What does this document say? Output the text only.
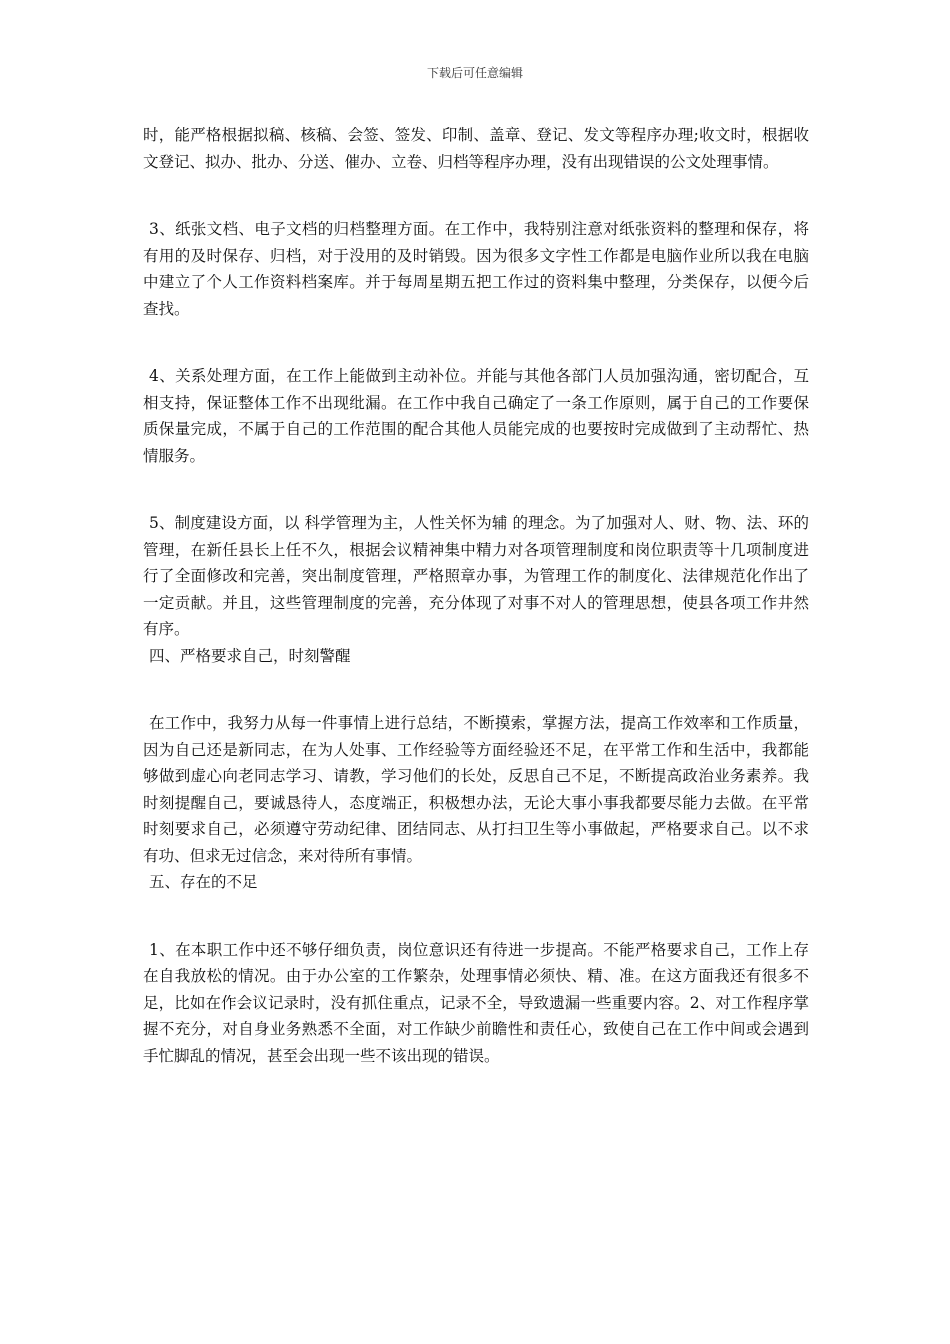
下载后可任意编辑

时，能严格根据拟稿、核稿、会签、签发、印制、盖章、登记、发文等程序办理;收文时，根据收文登记、拟办、批办、分送、催办、立卷、归档等程序办理，没有出现错误的公文处理事情。

3、纸张文档、电子文档的归档整理方面。在工作中，我特别注意对纸张资料的整理和保存，将有用的及时保存、归档，对于没用的及时销毁。因为很多文字性工作都是电脑作业所以我在电脑中建立了个人工作资料档案库。并于每周星期五把工作过的资料集中整理，分类保存，以便今后查找。

4、关系处理方面，在工作上能做到主动补位。并能与其他各部门人员加强沟通，密切配合，互相支持，保证整体工作不出现纰漏。在工作中我自己确定了一条工作原则，属于自己的工作要保质保量完成，不属于自己的工作范围的配合其他人员能完成的也要按时完成做到了主动帮忙、热情服务。

5、制度建设方面，以 科学管理为主，人性关怀为辅 的理念。为了加强对人、财、物、法、环的管理，在新任县长上任不久，根据会议精神集中精力对各项管理制度和岗位职责等十几项制度进行了全面修改和完善，突出制度管理，严格照章办事，为管理工作的制度化、法律规范化作出了一定贡献。并且，这些管理制度的完善，充分体现了对事不对人的管理思想，使县各项工作井然有序。

四、严格要求自己，时刻警醒

在工作中，我努力从每一件事情上进行总结，不断摸索，掌握方法，提高工作效率和工作质量，因为自己还是新同志，在为人处事、工作经验等方面经验还不足，在平常工作和生活中，我都能够做到虚心向老同志学习、请教，学习他们的长处，反思自己不足，不断提高政治业务素养。我时刻提醒自己，要诚恳待人，态度端正，积极想办法，无论大事小事我都要尽能力去做。在平常时刻要求自己，必须遵守劳动纪律、团结同志、从打扫卫生等小事做起，严格要求自己。以不求有功、但求无过信念，来对待所有事情。

五、存在的不足

1、在本职工作中还不够仔细负责，岗位意识还有待进一步提高。不能严格要求自己，工作上存在自我放松的情况。由于办公室的工作繁杂，处理事情必须快、精、准。在这方面我还有很多不足，比如在作会议记录时，没有抓住重点，记录不全，导致遗漏一些重要内容。2、对工作程序掌握不充分，对自身业务熟悉不全面，对工作缺少前瞻性和责任心，致使自己在工作中间或会遇到手忙脚乱的情况，甚至会出现一些不该出现的错误。
